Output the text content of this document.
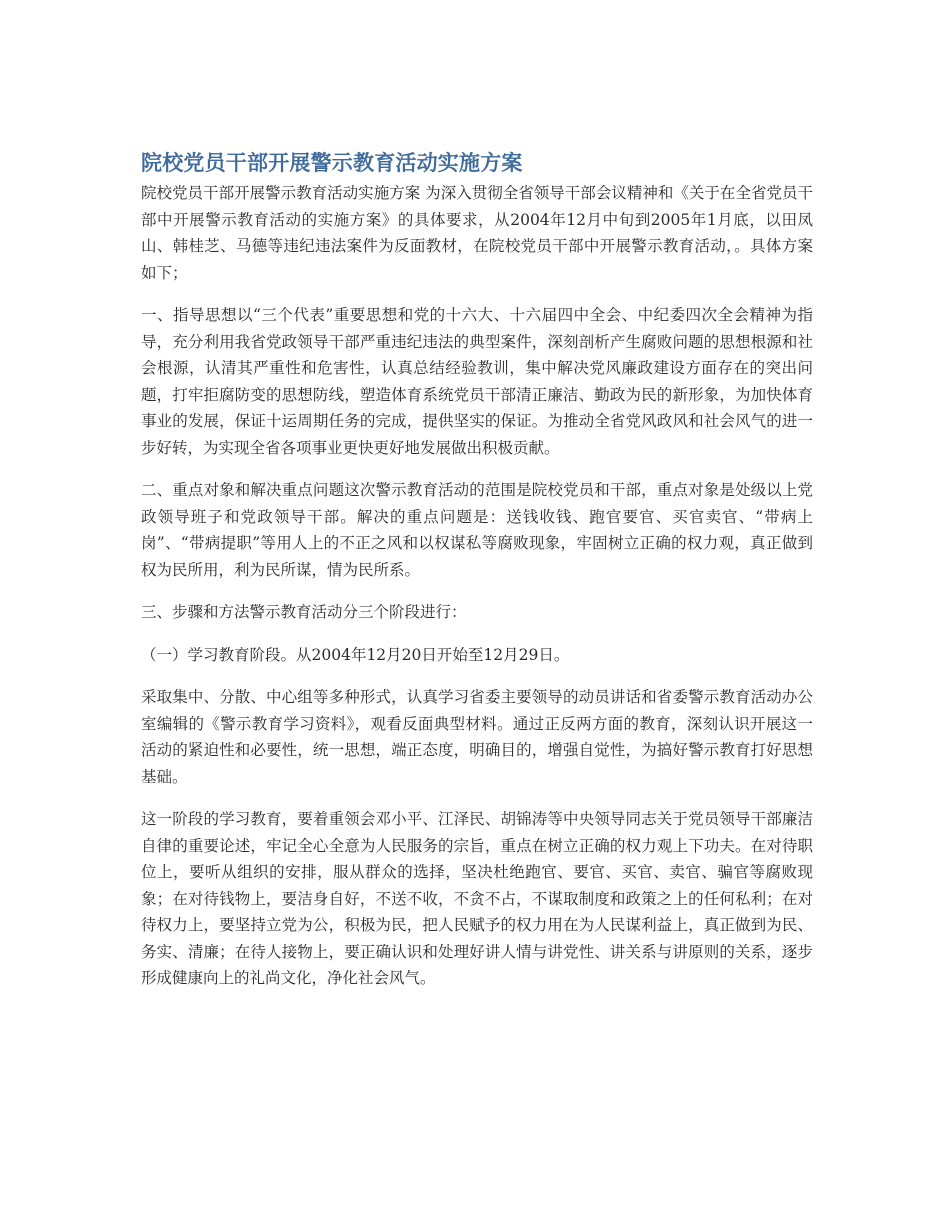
院校党员干部开展警示教育活动实施方案

院校党员干部开展警示教育活动实施方案 为深入贯彻全省领导干部会议精神和《关于在全省党员干部中开展警示教育活动的实施方案》的具体要求，从2004年12月中旬到2005年1月底，以田凤山、韩桂芝、马德等违纪违法案件为反面教材，在院校党员干部中开展警示教育活动，。具体方案如下；

一、指导思想以“三个代表”重要思想和党的十六大、十六届四中全会、中纪委四次全会精神为指导，充分利用我省党政领导干部严重违纪违法的典型案件，深刻剖析产生腐败问题的思想根源和社会根源，认清其严重性和危害性，认真总结经验教训，集中解决党风廉政建设方面存在的突出问题，打牢拒腐防变的思想防线，塑造体育系统党员干部清正廉洁、勤政为民的新形象，为加快体育事业的发展，保证十运周期任务的完成，提供坚实的保证。为推动全省党风政风和社会风气的进一步好转，为实现全省各项事业更快更好地发展做出积极贡献。

二、重点对象和解决重点问题这次警示教育活动的范围是院校党员和干部，重点对象是处级以上党政领导班子和党政领导干部。解决的重点问题是：送钱收钱、跑官要官、买官卖官、“带病上岗”、“带病提职”等用人上的不正之风和以权谋私等腐败现象，牢固树立正确的权力观，真正做到权为民所用，利为民所谋，情为民所系。

三、步骤和方法警示教育活动分三个阶段进行：

（一）学习教育阶段。从2004年12月20日开始至12月29日。

采取集中、分散、中心组等多种形式，认真学习省委主要领导的动员讲话和省委警示教育活动办公室编辑的《警示教育学习资料》，观看反面典型材料。通过正反两方面的教育，深刻认识开展这一活动的紧迫性和必要性，统一思想，端正态度，明确目的，增强自觉性，为搞好警示教育打好思想基础。

这一阶段的学习教育，要着重领会邓小平、江泽民、胡锦涛等中央领导同志关于党员领导干部廉洁自律的重要论述，牢记全心全意为人民服务的宗旨，重点在树立正确的权力观上下功夫。在对待职位上，要听从组织的安排，服从群众的选择，坚决杜绝跑官、要官、买官、卖官、骗官等腐败现象；在对待钱物上，要洁身自好，不送不收，不贪不占，不谋取制度和政策之上的任何私利；在对待权力上，要坚持立党为公，积极为民，把人民赋予的权力用在为人民谋利益上，真正做到为民、务实、清廉；在待人接物上，要正确认识和处理好讲人情与讲党性、讲关系与讲原则的关系，逐步形成健康向上的礼尚文化，净化社会风气。
